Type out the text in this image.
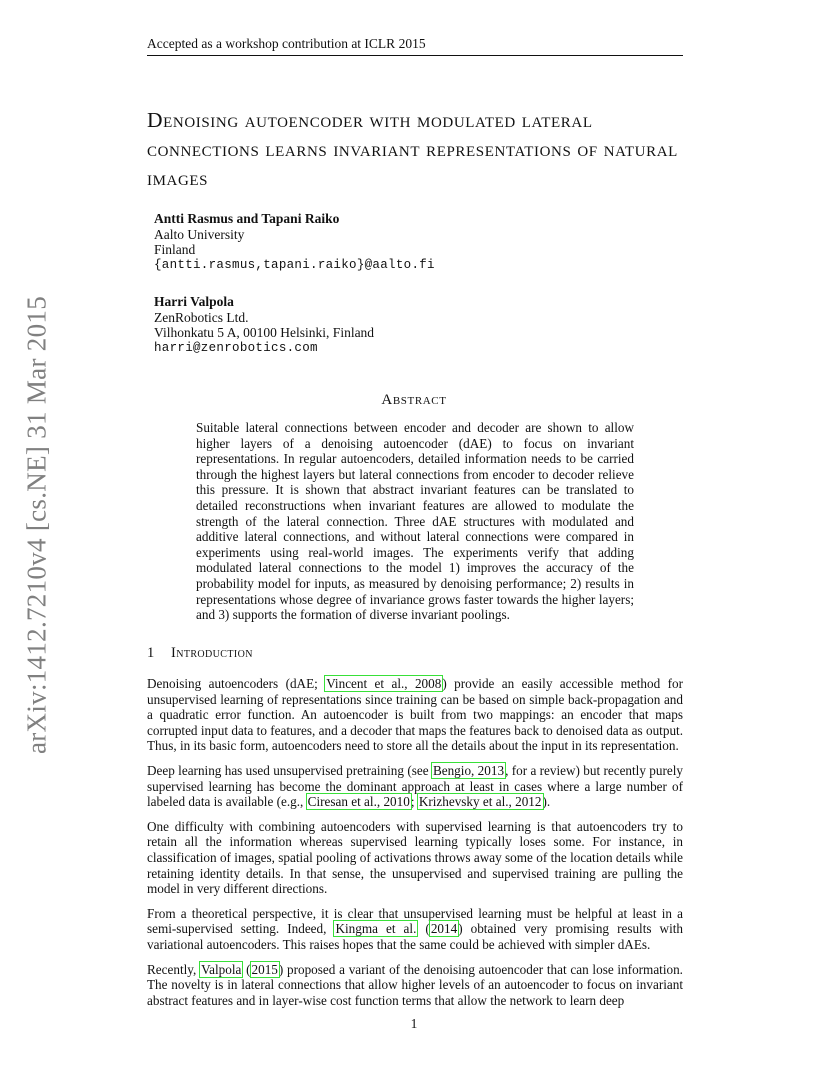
Accepted as a workshop contribution at ICLR 2015
arXiv:1412.7210v4 [cs.NE] 31 Mar 2015
Denoising autoencoder with modulated lateral connections learns invariant representations of natural images
Antti Rasmus and Tapani Raiko
Aalto University
Finland
{antti.rasmus,tapani.raiko}@aalto.fi
Harri Valpola
ZenRobotics Ltd.
Vilhonkatu 5 A, 00100 Helsinki, Finland
harri@zenrobotics.com
Abstract

Suitable lateral connections between encoder and decoder are shown to allow higher layers of a denoising autoencoder (dAE) to focus on invariant representations. In regular autoencoders, detailed information needs to be carried through the highest layers but lateral connections from encoder to decoder relieve this pressure. It is shown that abstract invariant features can be translated to detailed reconstructions when invariant features are allowed to modulate the strength of the lateral connection. Three dAE structures with modulated and additive lateral connections, and without lateral connections were compared in experiments using real-world images. The experiments verify that adding modulated lateral connections to the model 1) improves the accuracy of the probability model for inputs, as measured by denoising performance; 2) results in representations whose degree of invariance grows faster towards the higher layers; and 3) supports the formation of diverse invariant poolings.

1 Introduction

Denoising autoencoders (dAE; Vincent et al., 2008) provide an easily accessible method for unsupervised learning of representations since training can be based on simple back-propagation and a quadratic error function. An autoencoder is built from two mappings: an encoder that maps corrupted input data to features, and a decoder that maps the features back to denoised data as output. Thus, in its basic form, autoencoders need to store all the details about the input in its representation.

Deep learning has used unsupervised pretraining (see Bengio, 2013, for a review) but recently purely supervised learning has become the dominant approach at least in cases where a large number of labeled data is available (e.g., Ciresan et al., 2010; Krizhevsky et al., 2012).

One difficulty with combining autoencoders with supervised learning is that autoencoders try to retain all the information whereas supervised learning typically loses some. For instance, in classification of images, spatial pooling of activations throws away some of the location details while retaining identity details. In that sense, the unsupervised and supervised training are pulling the model in very different directions.

From a theoretical perspective, it is clear that unsupervised learning must be helpful at least in a semi-supervised setting. Indeed, Kingma et al. (2014) obtained very promising results with variational autoencoders. This raises hopes that the same could be achieved with simpler dAEs.

Recently, Valpola (2015) proposed a variant of the denoising autoencoder that can lose information. The novelty is in lateral connections that allow higher levels of an autoencoder to focus on invariant abstract features and in layer-wise cost function terms that allow the network to learn deep

1
